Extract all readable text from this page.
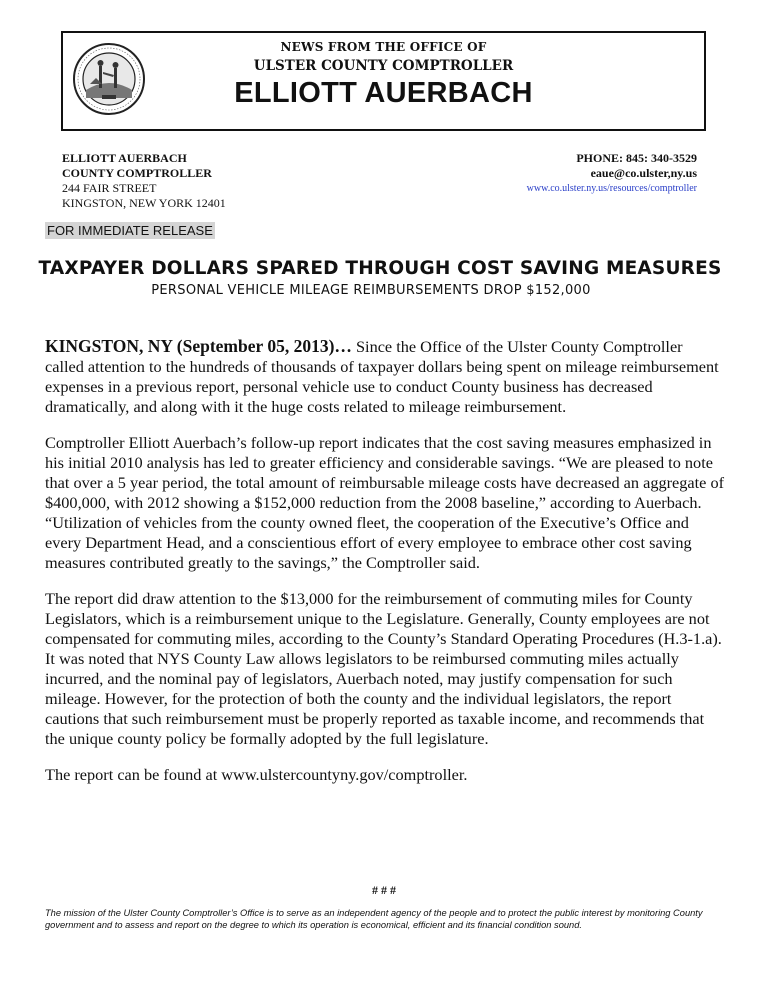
NEWS FROM THE OFFICE OF
ULSTER COUNTY COMPTROLLER
ELLIOTT AUERBACH
ELLIOTT AUERBACH
COUNTY COMPTROLLER
244 FAIR STREET
KINGSTON, NEW YORK 12401
PHONE: 845: 340-3529
eaue@co.ulster,ny.us
www.co.ulster.ny.us/resources/comptroller
FOR IMMEDIATE RELEASE
TAXPAYER DOLLARS SPARED THROUGH COST SAVING MEASURES
PERSONAL VEHICLE MILEAGE REIMBURSEMENTS DROP $152,000

KINGSTON, NY (September 05, 2013)… Since the Office of the Ulster County Comptroller called attention to the hundreds of thousands of taxpayer dollars being spent on mileage reimbursement expenses in a previous report, personal vehicle use to conduct County business has decreased dramatically, and along with it the huge costs related to mileage reimbursement.

Comptroller Elliott Auerbach’s follow-up report indicates that the cost saving measures emphasized in his initial 2010 analysis has led to greater efficiency and considerable savings. “We are pleased to note that over a 5 year period, the total amount of reimbursable mileage costs have decreased an aggregate of $400,000, with 2012 showing a $152,000 reduction from the 2008 baseline,” according to Auerbach. “Utilization of vehicles from the county owned fleet, the cooperation of the Executive’s Office and every Department Head, and a conscientious effort of every employee to embrace other cost saving measures contributed greatly to the savings,” the Comptroller said.

The report did draw attention to the $13,000 for the reimbursement of commuting miles for County Legislators, which is a reimbursement unique to the Legislature. Generally, County employees are not compensated for commuting miles, according to the County’s Standard Operating Procedures (H.3-1.a). It was noted that NYS County Law allows legislators to be reimbursed commuting miles actually incurred, and the nominal pay of legislators, Auerbach noted, may justify compensation for such mileage. However, for the protection of both the county and the individual legislators, the report cautions that such reimbursement must be properly reported as taxable income, and recommends that the unique county policy be formally adopted by the full legislature.

The report can be found at www.ulstercountyny.gov/comptroller.

# # #
The mission of the Ulster County Comptroller’s Office is to serve as an independent agency of the people and to protect the public interest by monitoring County government and to assess and report on the degree to which its operation is economical, efficient and its financial condition sound.
